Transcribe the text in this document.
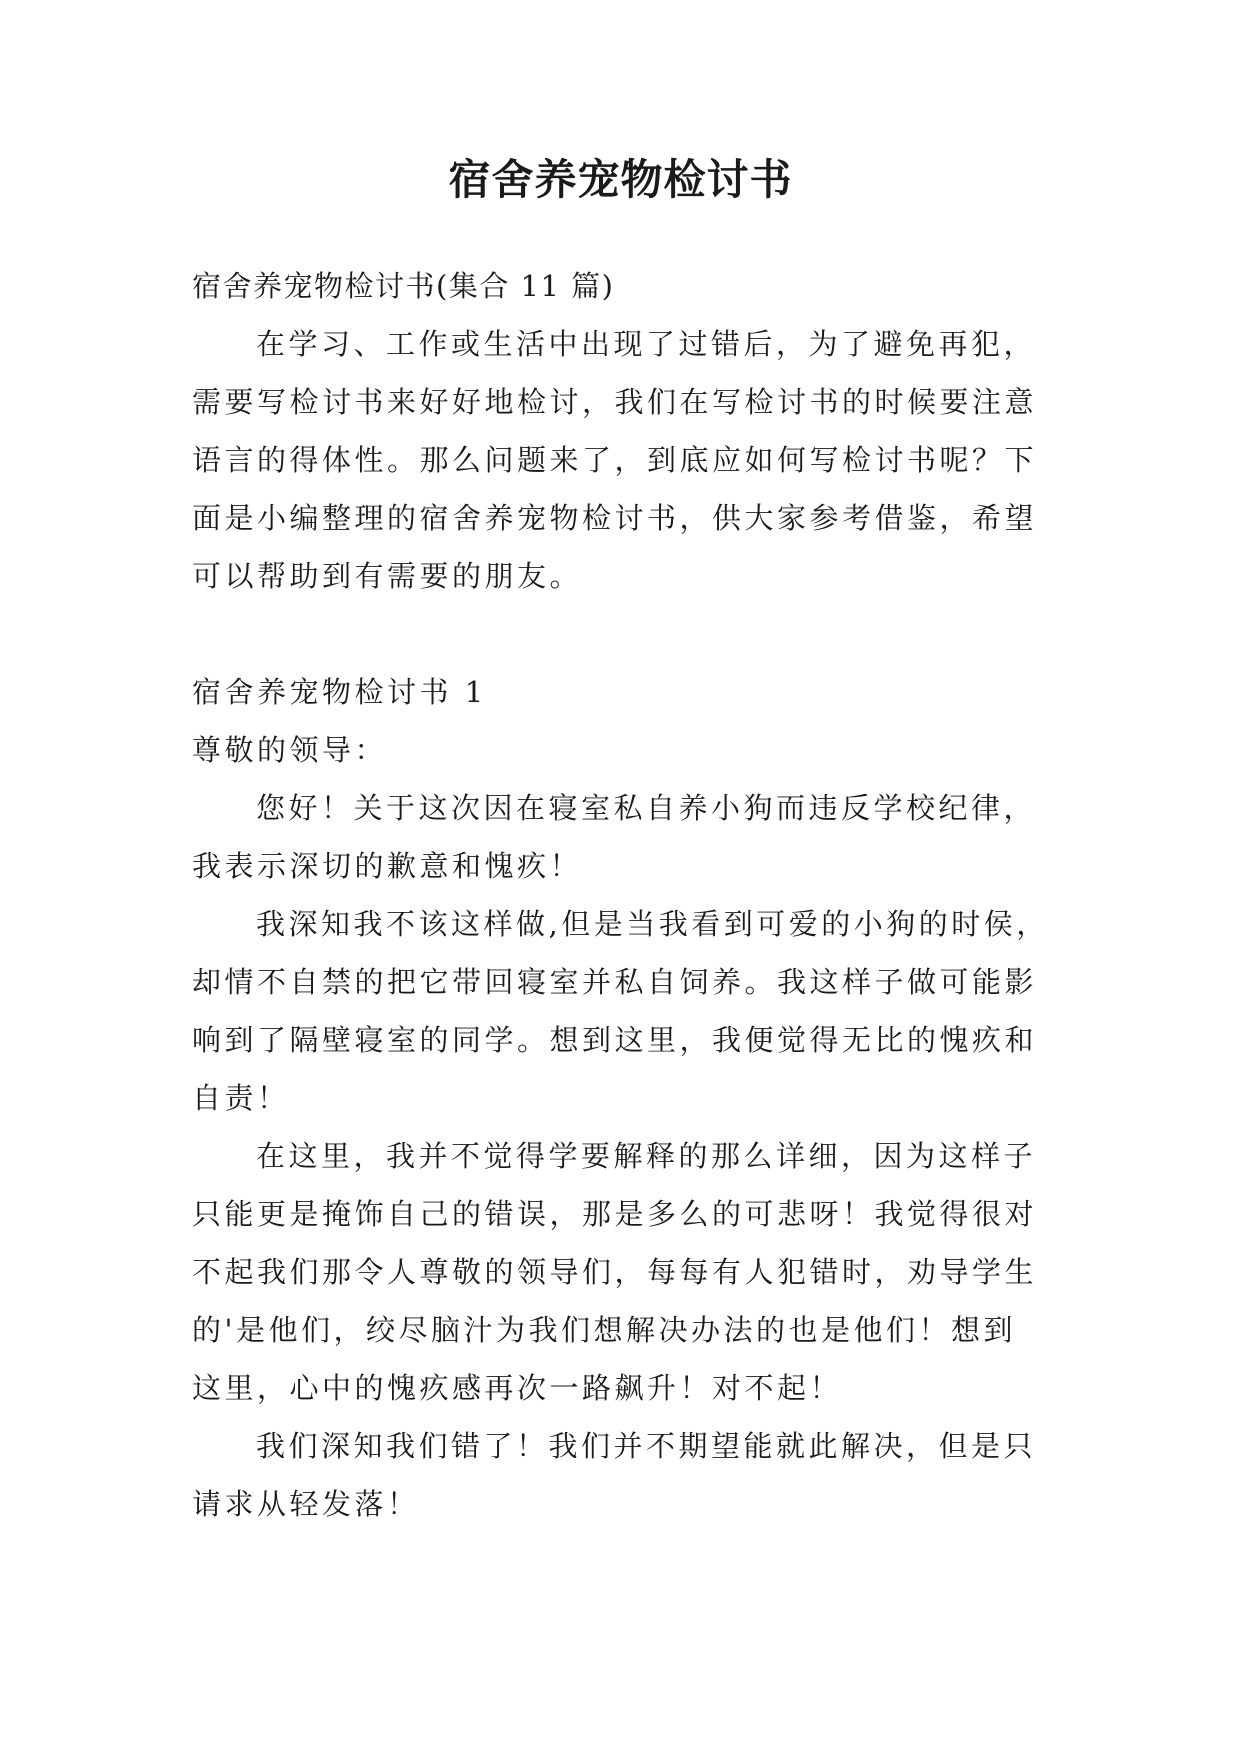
宿舍养宠物检讨书
宿舍养宠物检讨书(集合 11 篇)
在学习、工作或生活中出现了过错后，为了避免再犯，
需要写检讨书来好好地检讨，我们在写检讨书的时候要注意
语言的得体性。那么问题来了，到底应如何写检讨书呢？下
面是小编整理的宿舍养宠物检讨书，供大家参考借鉴，希望
可以帮助到有需要的朋友。
宿舍养宠物检讨书 1
尊敬的领导：
您好！关于这次因在寝室私自养小狗而违反学校纪律，
我表示深切的歉意和愧疚！
我深知我不该这样做,但是当我看到可爱的小狗的时侯，
却情不自禁的把它带回寝室并私自饲养。我这样子做可能影
响到了隔壁寝室的同学。想到这里，我便觉得无比的愧疚和
自责！
在这里，我并不觉得学要解释的那么详细，因为这样子
只能更是掩饰自己的错误，那是多么的可悲呀！我觉得很对
不起我们那令人尊敬的领导们，每每有人犯错时，劝导学生
的'是他们，绞尽脑汁为我们想解决办法的也是他们！想到
这里，心中的愧疚感再次一路飙升！对不起！
我们深知我们错了！我们并不期望能就此解决，但是只
请求从轻发落！
